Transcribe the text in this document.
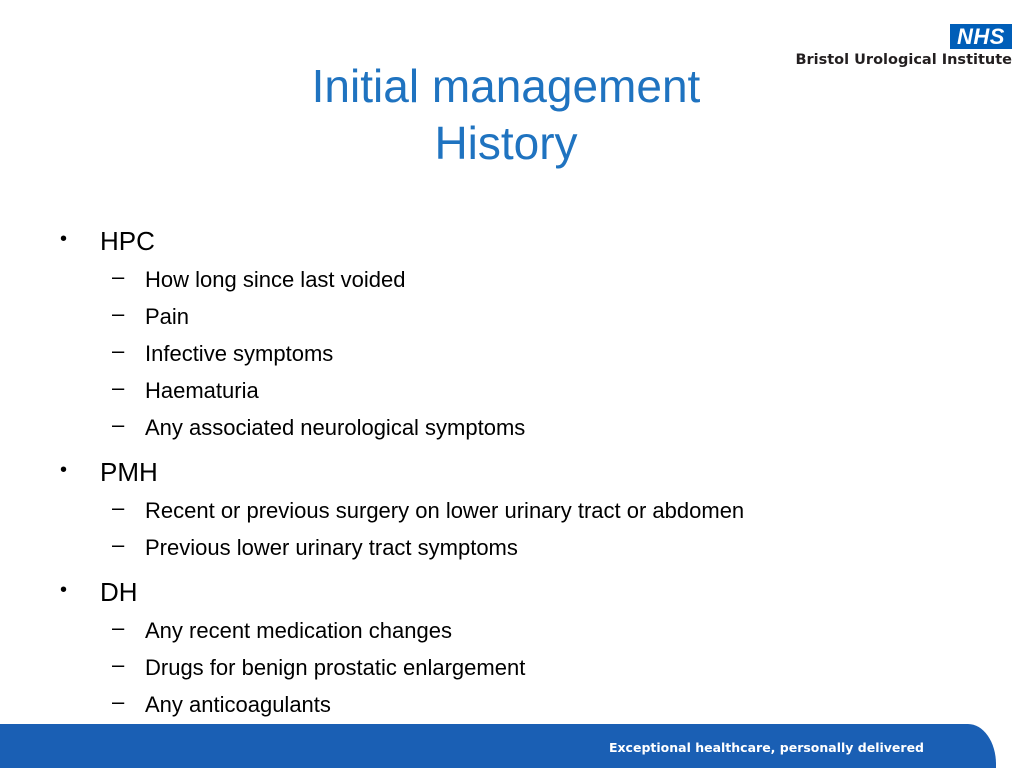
NHS
Bristol Urological Institute
Initial management
History
•	HPC
– How long since last voided
– Pain
– Infective symptoms
– Haematuria
– Any associated neurological symptoms
•	PMH
– Recent or previous surgery on lower urinary tract or abdomen
– Previous lower urinary tract symptoms
•	DH
– Any recent medication changes
– Drugs for benign prostatic enlargement
– Any anticoagulants
Exceptional healthcare, personally delivered
